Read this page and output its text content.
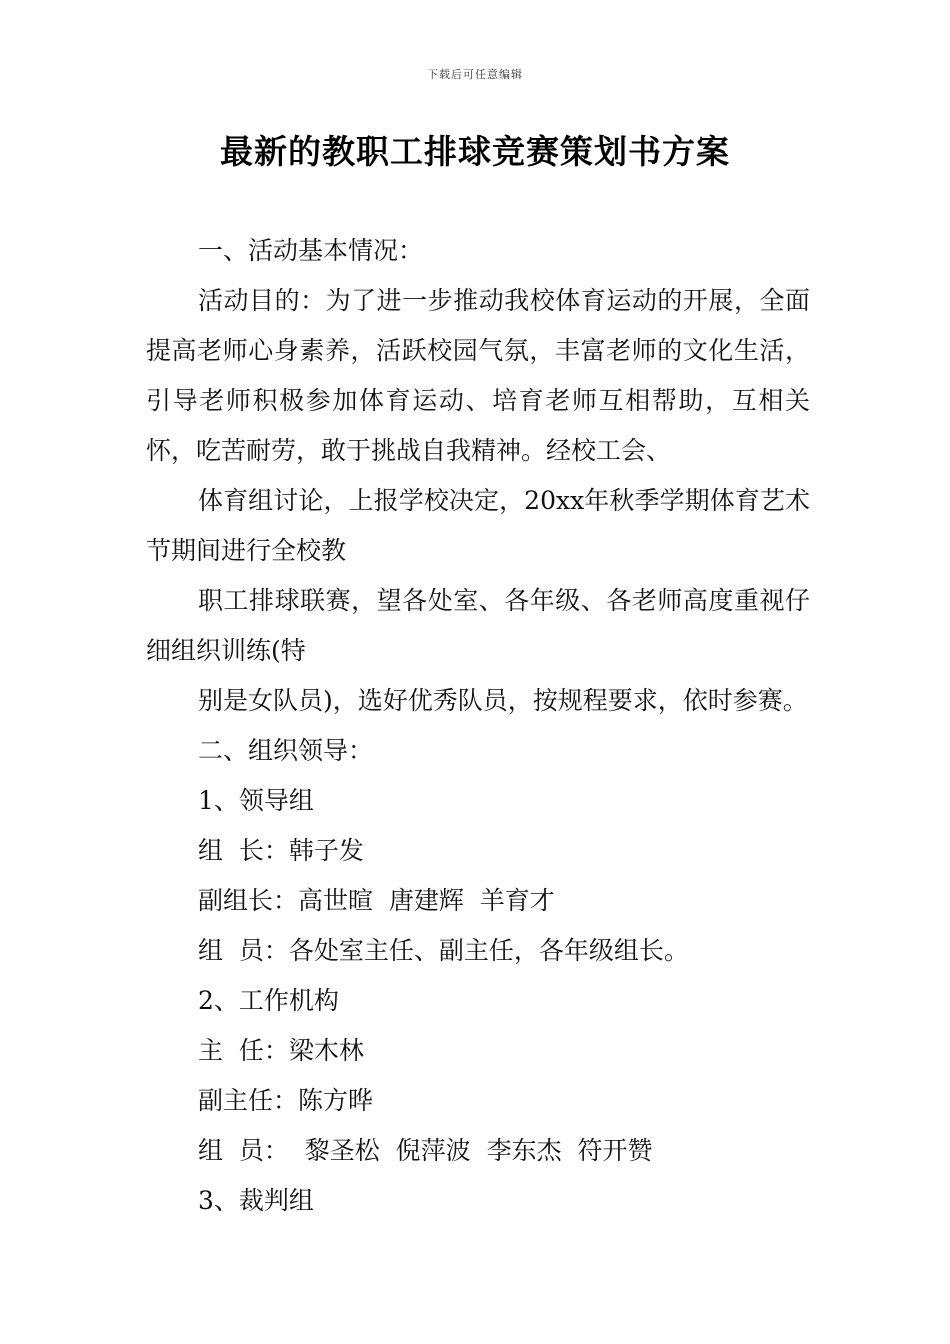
下载后可任意编辑
最新的教职工排球竞赛策划书方案

一、活动基本情况：

活动目的：为了进一步推动我校体育运动的开展，全面提高老师心身素养，活跃校园气氛，丰富老师的文化生活，引导老师积极参加体育运动、培育老师互相帮助，互相关怀，吃苦耐劳，敢于挑战自我精神。经校工会、

体育组讨论，上报学校决定，20xx年秋季学期体育艺术节期间进行全校教

职工排球联赛，望各处室、各年级、各老师高度重视仔细组织训练(特

别是女队员)，选好优秀队员，按规程要求，依时参赛。

二、组织领导：

1、领导组

组  长：韩子发

副组长：高世暄  唐建辉  羊育才

组  员：各处室主任、副主任，各年级组长。

2、工作机构

主  任：梁木林

副主任：陈方晔

组  员：  黎圣松  倪萍波  李东杰  符开赞

3、裁判组
